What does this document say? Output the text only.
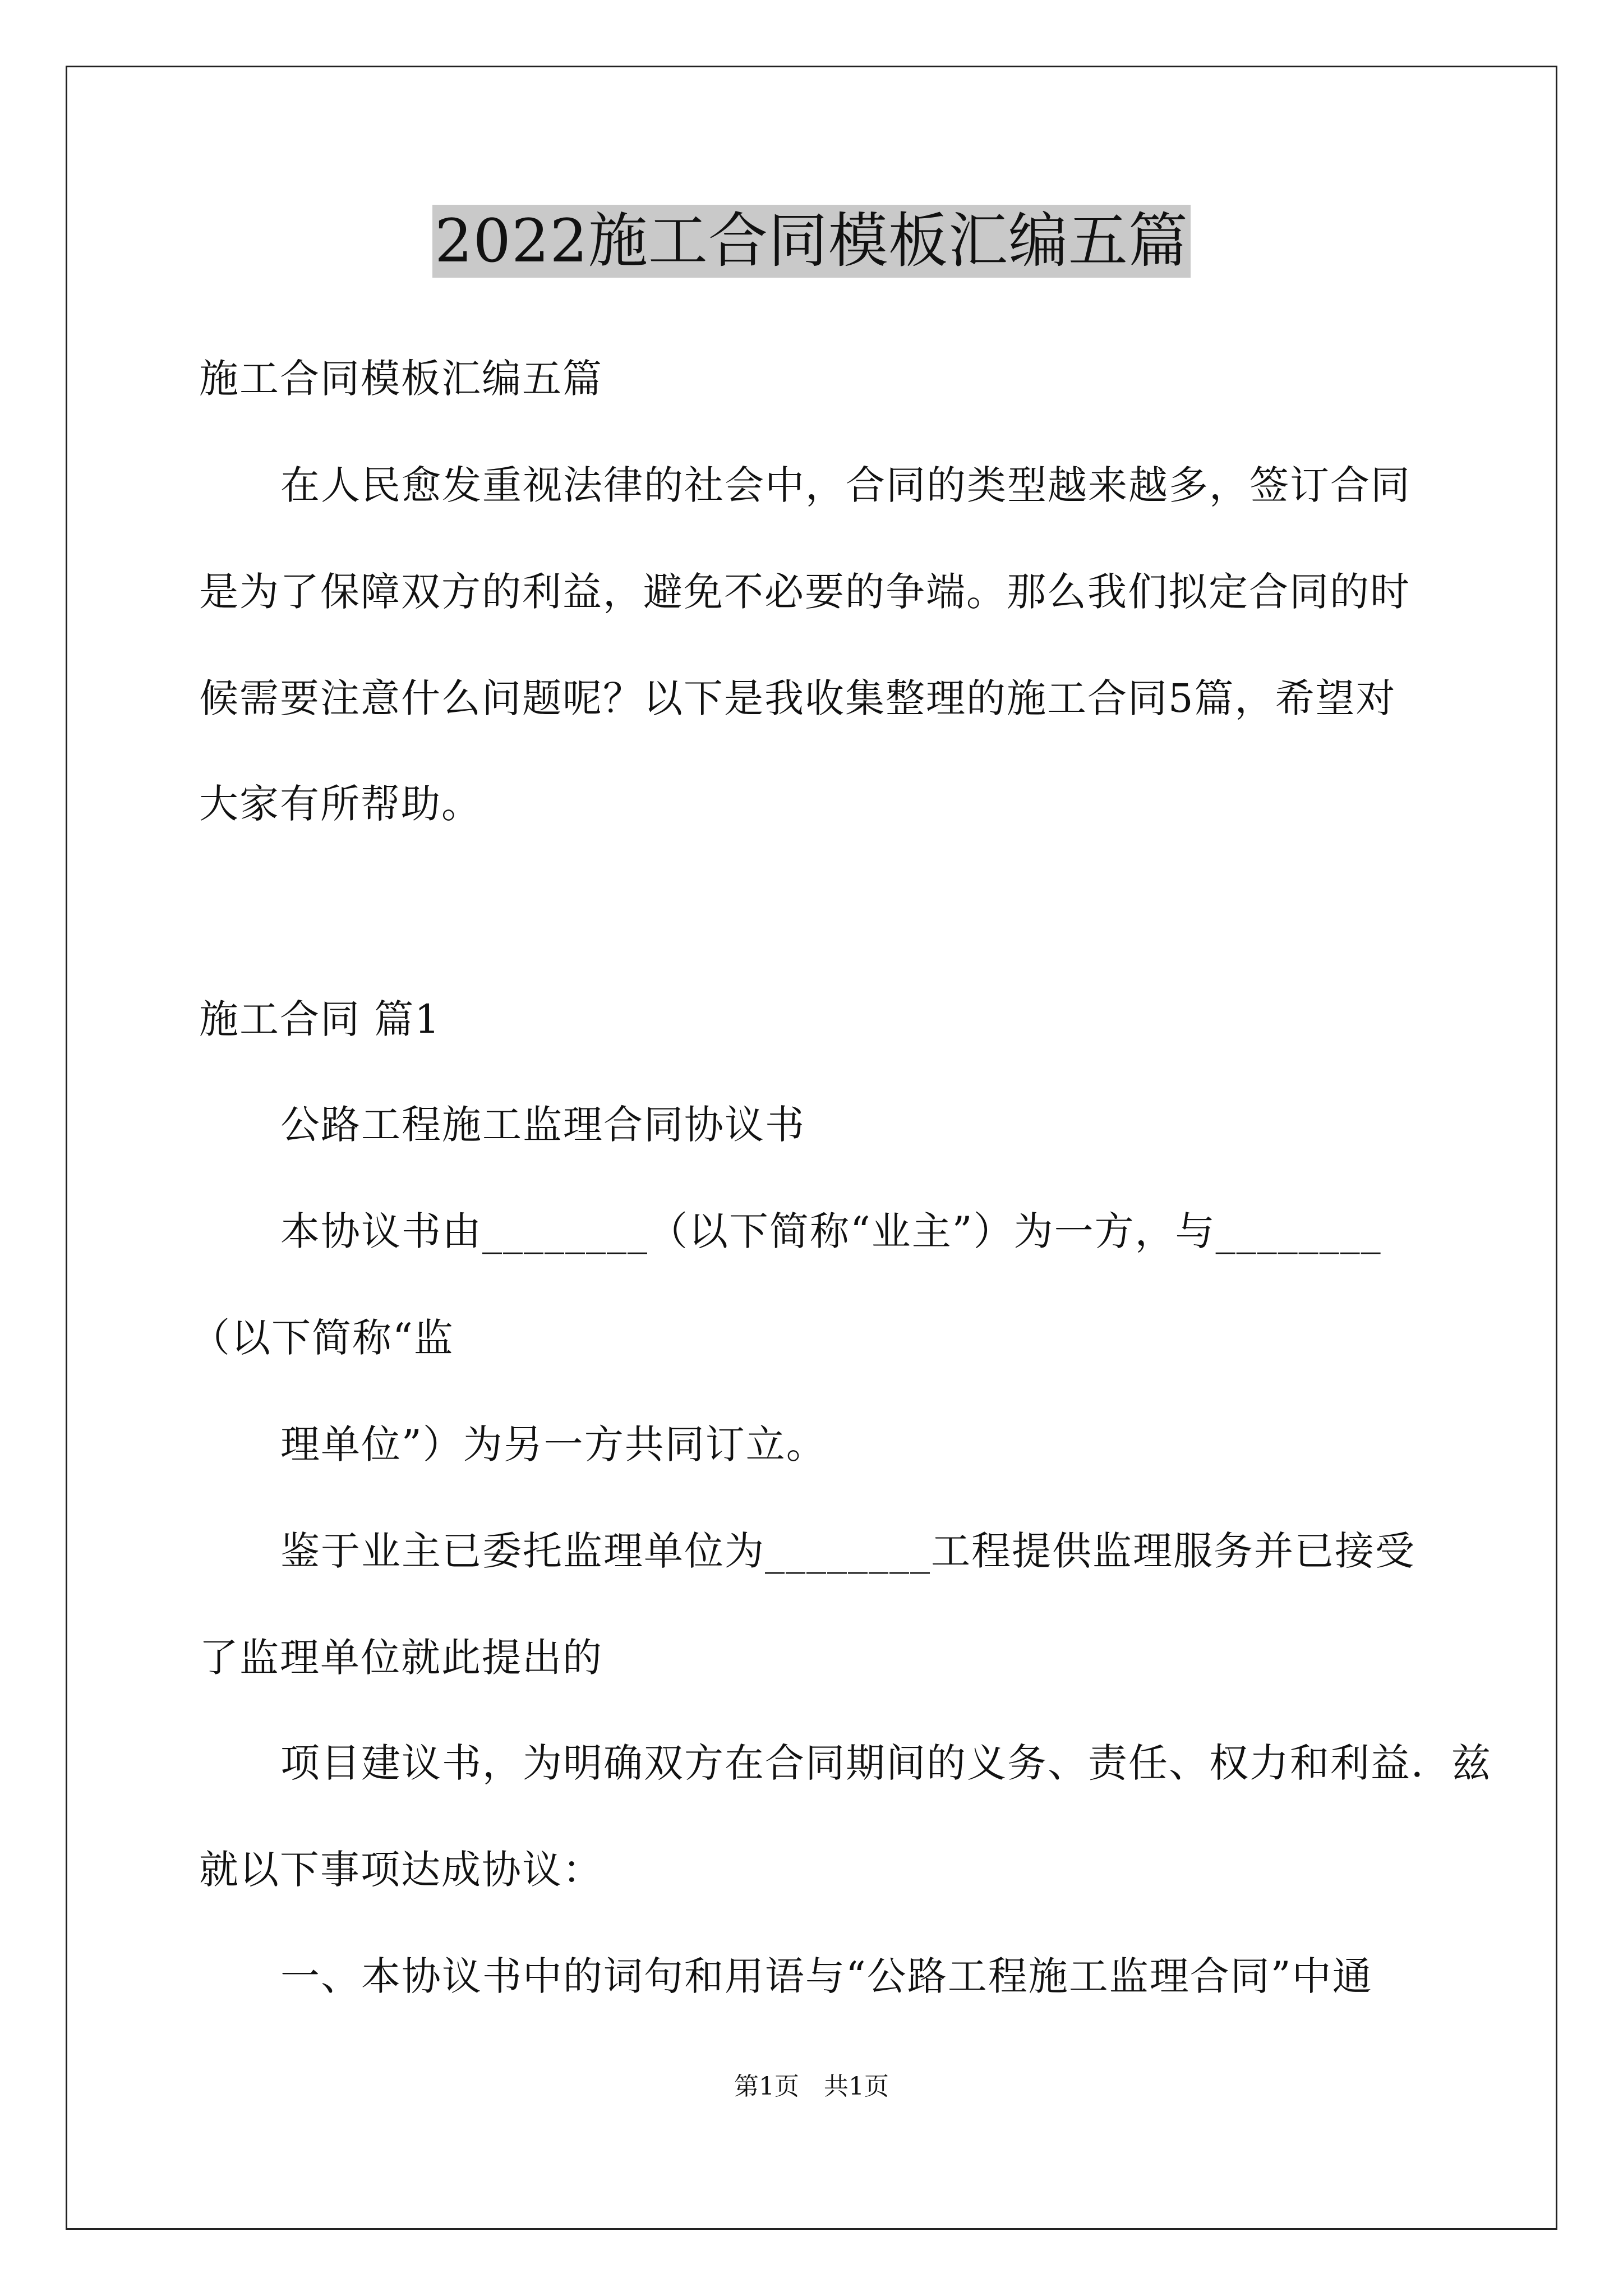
2022施工合同模板汇编五篇
施工合同模板汇编五篇
在人民愈发重视法律的社会中，合同的类型越来越多，签订合同
是为了保障双方的利益，避免不必要的争端。那么我们拟定合同的时
候需要注意什么问题呢？以下是我收集整理的施工合同5篇，希望对
大家有所帮助。
施工合同 篇1
公路工程施工监理合同协议书
本协议书由________（以下简称“业主”）为一方，与________
（以下简称“监
理单位”）为另一方共同订立。
鉴于业主已委托监理单位为________工程提供监理服务并已接受
了监理单位就此提出的
项目建议书，为明确双方在合同期间的义务、责任、权力和利益．兹
就以下事项达成协议：
一、本协议书中的词句和用语与“公路工程施工监理合同”中通
第1页　共1页
